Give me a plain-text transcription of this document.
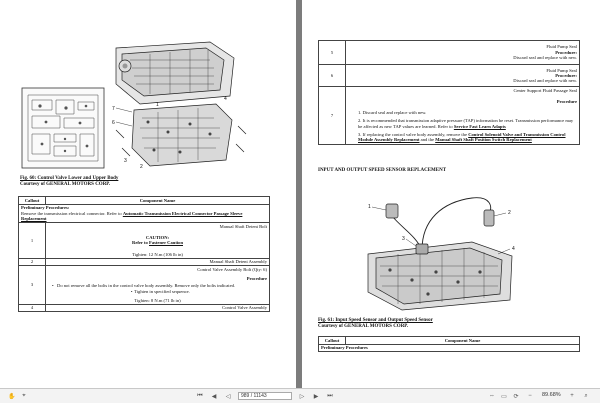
7
6
1
3
2
4
Fig. 60: Control Valve Lower and Upper Body
Courtesy of GENERAL MOTORS CORP.
Callout	Component Name
Preliminary Procedures:
Remove the transmission electrical connector. Refer to Automatic Transmission Electrical Connector Passage Sleeve Replacement	
1	Manual Shaft Detent Bolt
CAUTION:
Refer to Fastener Caution
Tighten: 12 N.m (106 lb in)

2	Manual Shaft Detent Assembly
3	Control Valve Assembly Bolt (Qty: 6)
Procedure
• Do not remove all the bolts in the control valve body assembly. Remove only the bolts indicated.
• Tighten in specified sequence.
Tighten: 8 N.m (71 lb in)

4	Control Valve Assembly
5	Fluid Pump Seal
Procedure:
Discard seal and replace with new.

6	Fluid Pump Seal
Procedure:
Discard seal and replace with new.

7	Center Support Fluid Passage Seal
Procedure
1. Discard seal and replace with new.
2. It is recommended that transmission adaptive pressure (TAP) information be reset. Transmission performance may be affected as new TAP values are learned. Refer to Service Fast Learn Adapts
3. If replacing the control valve body assembly, remove the Control Solenoid Valve and Transmission Control Module Assembly Replacement and the Manual Shaft Shaft Position Switch Replacement
INPUT AND OUTPUT SPEED SENSOR REPLACEMENT
1
2
3
4
Fig. 61: Input Speed Sensor and Output Speed Sensor
Courtesy of GENERAL MOTORS CORP.
Callout	Component Name
Preliminary Procedures
✋	⌖	⏮ ◀ ◁	989 / 11143	▷ ▶ ⏭	⇔ ▭ ⟳	−	89.68%	+	⌕
